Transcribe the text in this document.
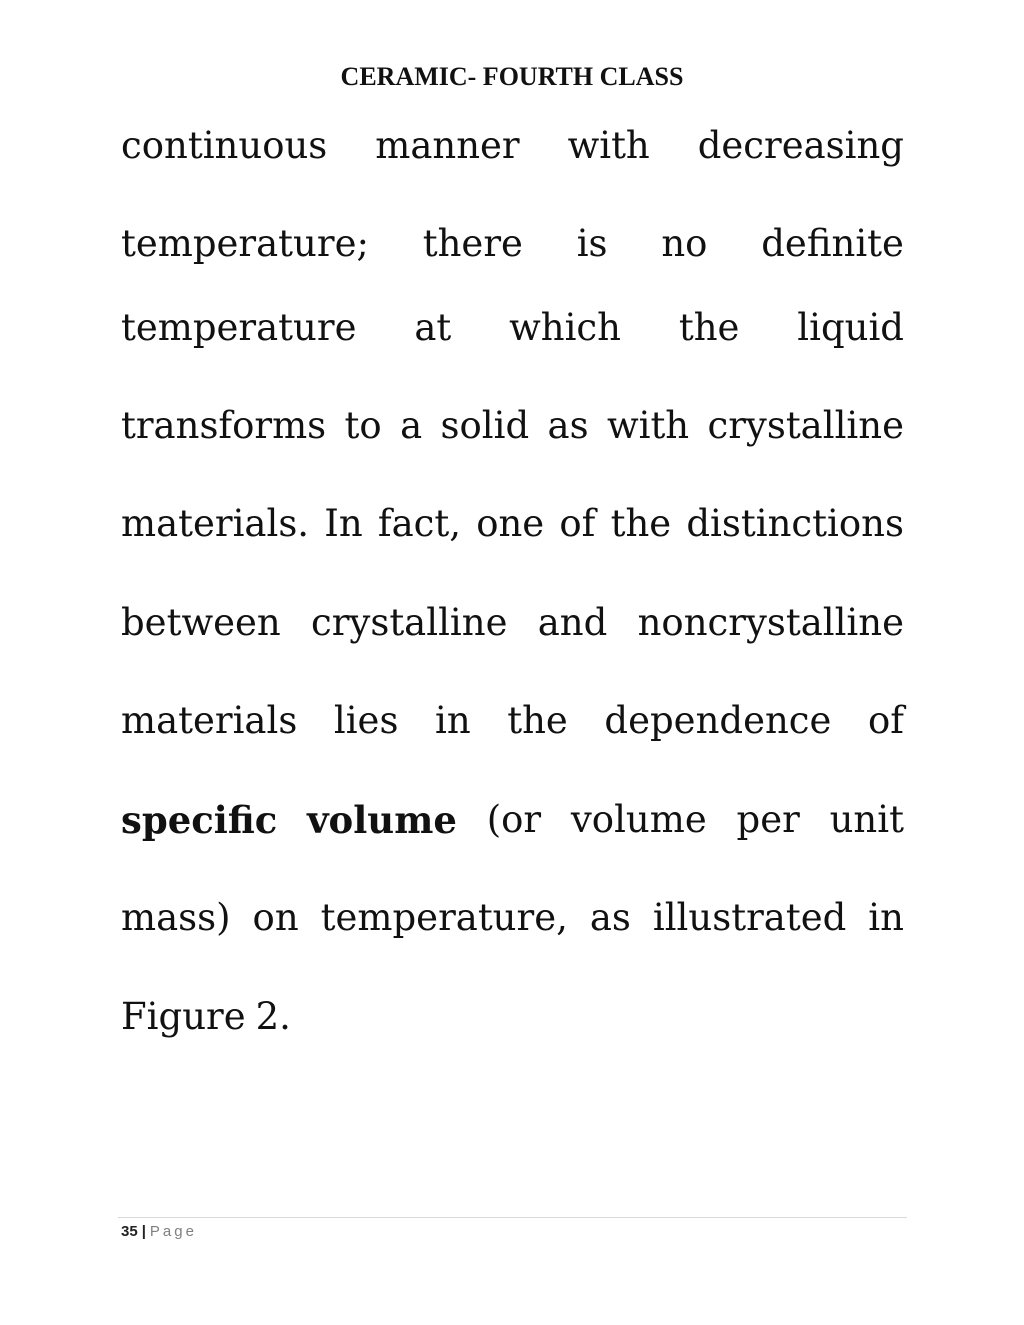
CERAMIC- FOURTH CLASS
continuous manner with decreasing
temperature; there is no definite
temperature at which the liquid
transforms to a solid as with crystalline
materials. In fact, one of the distinctions
between crystalline and noncrystalline
materials lies in the dependence of
specific volume (or volume per unit
mass) on temperature, as illustrated in
Figure 2.
35 | Page
